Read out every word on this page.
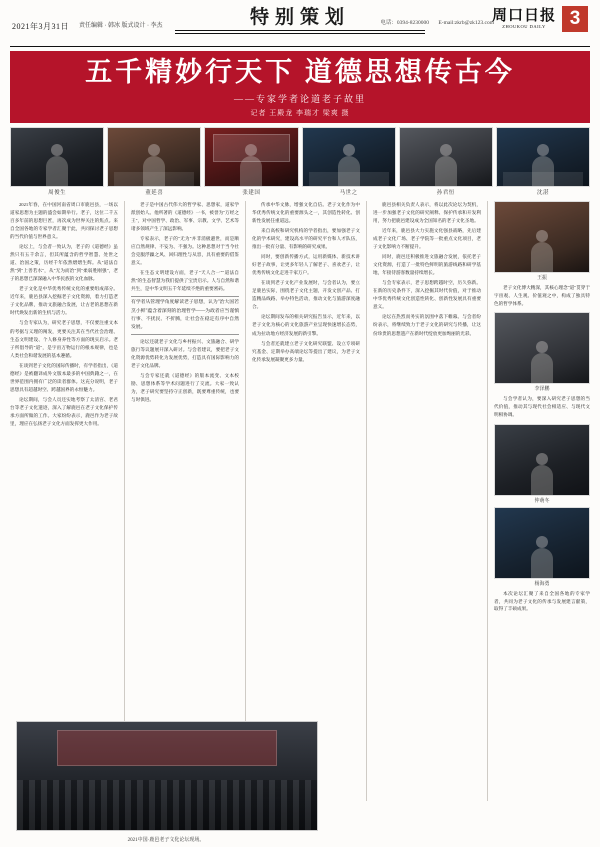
2021年3月31日 责任编辑 · 韩冰 版式设计 · 李杰	特别策划	电话：0394-8230000 E-mail:zkrb@zk123.com
周口日报
ZHOUKOU DAILY	3
五千精妙行天下 道德思想传古今
——专家学者论道老子故里
记者 王殿龙 李瑞才 梁爽 摄
周俊生	董延喜	张建国	马世之	孙君恒	沈湛

2021年春，在中国河南省周口市鹿邑县，一场以道家思想为主题的盛会如期举行。老子，这位二千五百多年前的思想巨匠，再次成为世界关注的焦点。来自全国各地的专家学者汇聚于此，共同探讨老子思想的当代价值与世界意义。

论坛上，与会者一致认为，老子的《道德经》虽然只有五千余言，但其所蕴含的哲学智慧、处世之道、治国之策，历经千年依然熠熠生辉。从"道法自然"到"上善若水"，从"无为而治"到"柔弱胜刚强"，老子的思想已深深融入中华民族的文化血脉。

老子文化是中华优秀传统文化的重要组成部分。近年来，鹿邑县深入挖掘老子文化资源，着力打造老子文化品牌，推动文旅融合发展，让古老的思想在新时代焕发出新的生机与活力。

与会专家认为，研究老子思想，不仅要注重文本的考据与义理的阐发，更要关注其在当代社会治理、生态文明建设、个人修身养性等方面的现实启示。老子所倡导的"道"，是宇宙万物运行的根本规律，也是人类社会和谐发展的基本遵循。

在谈到老子文化的国际传播时，有学者指出，《道德经》是被翻译成外文版本最多的中国典籍之一，在世界范围内拥有广泛的读者群体。这充分说明，老子思想具有超越时空、跨越国界的永恒魅力。

论坛期间，与会人员还实地考察了太清宫、老君台等老子文化遗迹，深入了解鹿邑在老子文化保护传承方面所做的工作。大家纷纷表示，鹿邑作为老子故里，理应在弘扬老子文化方面发挥更大作用。

老子是中国古代伟大的哲学家、思想家，道家学派创始人。他所著的《道德经》一书，被誉为"万经之王"，对中国哲学、政治、军事、宗教、文学、艺术等诸多领域产生了深远影响。

专家表示，老子的"无为"并非消极避世，而是顺应自然规律、不妄为、不强为。这种思想对于当今社会克服浮躁之风、回归理性与从容，具有重要的借鉴意义。

在生态文明建设方面，老子"天人合一""道法自然"的生态智慧为我们提供了宝贵启示。人与自然和谐共生，是中华文明五千年延续不绝的重要密码。

有学者从管理学角度解读老子思想，认为"治大国若烹小鲜"蕴含着深刻的治理哲学——为政者应当谨慎行事、不扰民、不折腾，让社会在稳定有序中自然发展。

论坛还就老子文化与乡村振兴、文旅融合、研学旅行等议题展开深入研讨。与会者建议，要把老子文化资源优势转化为发展优势，打造具有国际影响力的老子文化品牌。

与会专家还就《道德经》的版本流变、文本校勘、思想体系等学术问题进行了交流。大家一致认为，老子研究要坚持守正创新，既要尊重传统，也要与时俱进。

传承中华文脉，增强文化自信。老子文化作为中华优秀传统文化的重要源头之一，其创造性转化、创新性发展任重道远。

来自高校和研究机构的学者指出，要加强老子文化的学术研究，建设高水平的研究平台和人才队伍，推出一批有分量、有影响的研究成果。

同时，要创新传播方式，运用新媒体、新技术讲好老子故事，让更多年轻人了解老子、喜欢老子，让优秀传统文化走进千家万户。

在谈到老子文化产业发展时，与会者认为，要立足鹿邑实际，围绕老子文化主题，开发文创产品、打造精品线路、举办特色活动，推动文化与旅游深度融合。

论坛期间发布的相关研究报告显示，近年来，以老子文化为核心的文化旅游产业呈现快速增长态势，成为拉动地方经济发展的新引擎。

与会者还就建立老子文化研究联盟、设立专项研究基金、定期举办高端论坛等提出了建议，为老子文化传承发展凝聚更多力量。

鹿邑县相关负责人表示，将以此次论坛为契机，进一步加强老子文化的研究阐释、保护传承和开发利用，努力把鹿邑建设成为全国知名的老子文化圣地。

近年来，鹿邑县大力实施文化强县战略，先后建成老子文化广场、老子学院等一批重点文化项目，老子文化影响力不断提升。

同时，鹿邑还积极推进文旅融合发展，依托老子文化资源，打造了一批特色鲜明的旅游线路和研学基地，年接待游客数量持续增长。

与会专家表示，老子思想跨越时空，历久弥新。在新的历史条件下，深入挖掘其时代价值，对于推动中华优秀传统文化创造性转化、创新性发展具有重要意义。

论坛在热烈而务实的氛围中落下帷幕。与会者纷纷表示，将继续致力于老子文化的研究与传播，让这份珍贵的思想遗产在新时代绽放更加绚丽的光彩。

王振

老子文化博大精深，其核心理念"道"贯穿于宇宙观、人生观、价值观之中，构成了独具特色的哲学体系。

李泽鹏

与会学者认为，要深入研究老子思想的当代价值，推动其与现代社会相适应、与现代文明相协调。

仲萌冬
杨海勇

本次论坛汇聚了来自全国各地的专家学者，共同为老子文化的传承与发展建言献策，取得了丰硕成果。

2021中国·鹿邑老子文化论坛现场。
